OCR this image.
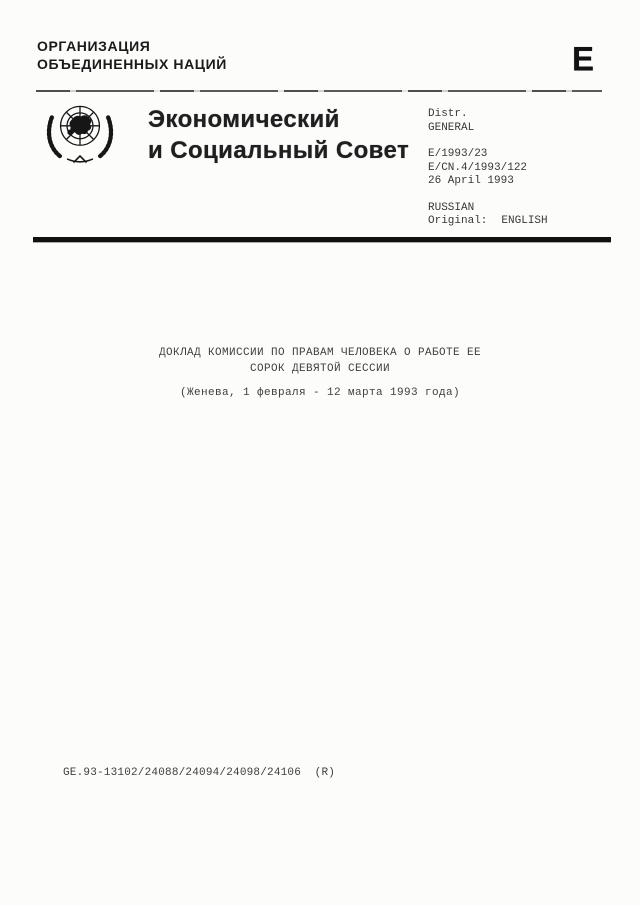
ОРГАНИЗАЦИЯ
ОБЪЕДИНЕННЫХ НАЦИЙ	E
Экономический
и Социальный Совет
Distr.
GENERAL
E/1993/23
E/CN.4/1993/122
26 April 1993
RUSSIAN
Original: ENGLISH
ДОКЛАД КОМИССИИ ПО ПРАВАМ ЧЕЛОВЕКА О РАБОТЕ ЕЕ
СОРОК ДЕВЯТОЙ СЕССИИ
(Женева, 1 февраля - 12 марта 1993 года)
GE.93-13102/24088/24094/24098/24106  (R)
